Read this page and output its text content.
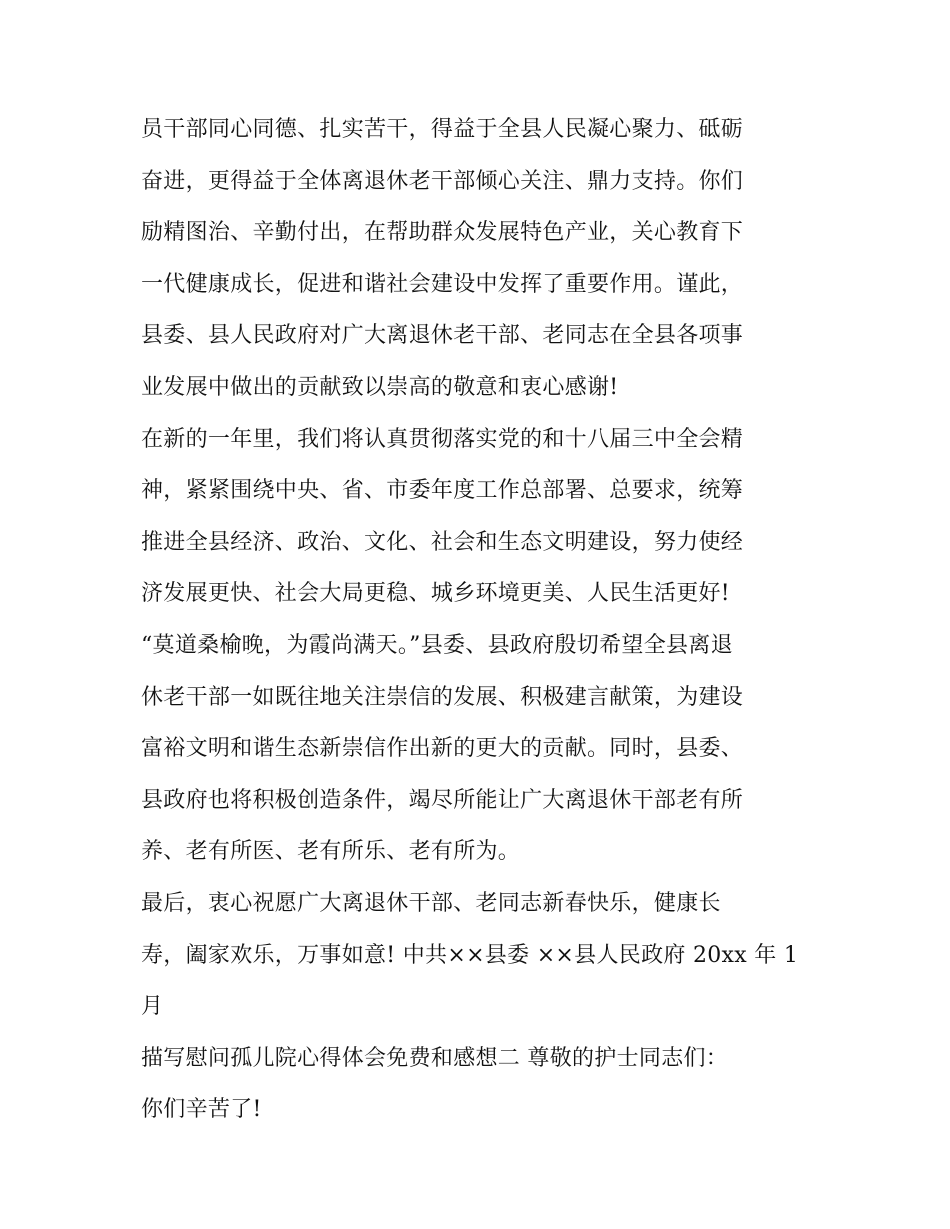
员干部同心同德、扎实苦干，得益于全县人民凝心聚力、砥砺
奋进，更得益于全体离退休老干部倾心关注、鼎力支持。你们
励精图治、辛勤付出，在帮助群众发展特色产业，关心教育下
一代健康成长，促进和谐社会建设中发挥了重要作用。谨此，
县委、县人民政府对广大离退休老干部、老同志在全县各项事
业发展中做出的贡献致以崇高的敬意和衷心感谢!
在新的一年里，我们将认真贯彻落实党的和十八届三中全会精
神，紧紧围绕中央、省、市委年度工作总部署、总要求，统筹
推进全县经济、政治、文化、社会和生态文明建设，努力使经
济发展更快、社会大局更稳、城乡环境更美、人民生活更好!
“莫道桑榆晚，为霞尚满天。”县委、县政府殷切希望全县离退
休老干部一如既往地关注崇信的发展、积极建言献策，为建设
富裕文明和谐生态新崇信作出新的更大的贡献。同时，县委、
县政府也将积极创造条件，竭尽所能让广大离退休干部老有所
养、老有所医、老有所乐、老有所为。
最后，衷心祝愿广大离退休干部、老同志新春快乐，健康长
寿，阖家欢乐，万事如意! 中共××县委 ××县人民政府 20xx 年 1
月
描写慰问孤儿院心得体会免费和感想二 尊敬的护士同志们：
你们辛苦了!
